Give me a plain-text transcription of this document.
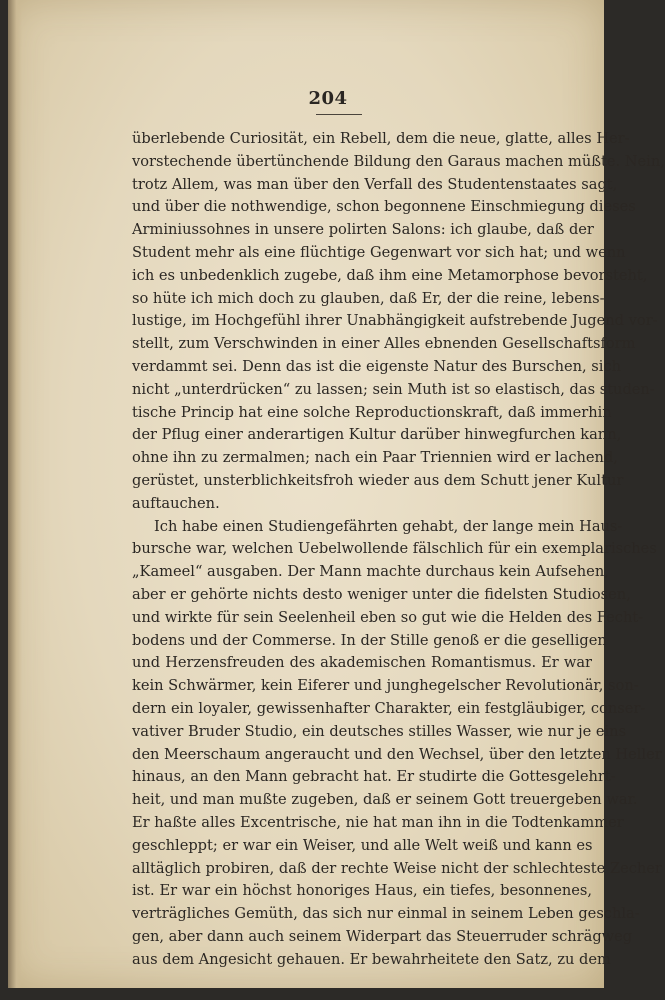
204
überlebende Curiosität, ein Rebell, dem die neue, glatte, alles Her-
vorstechende übertünchende Bildung den Garaus machen müßte. Nein,
trotz Allem, was man über den Verfall des Studentenstaates sagt,
und über die nothwendige, schon begonnene Einschmiegung dieses
Arminiussohnes in unsere polirten Salons: ich glaube, daß der
Student mehr als eine flüchtige Gegenwart vor sich hat; und wenn
ich es unbedenklich zugebe, daß ihm eine Metamorphose bevorsteht,
so hüte ich mich doch zu glauben, daß Er, der die reine, lebens-
lustige, im Hochgefühl ihrer Unabhängigkeit aufstrebende Jugend vor-
stellt, zum Verschwinden in einer Alles ebnenden Gesellschaftsform
verdammt sei. Denn das ist die eigenste Natur des Burschen, sich
nicht „unterdrücken“ zu lassen; sein Muth ist so elastisch, das studen-
tische Princip hat eine solche Reproductionskraft, daß immerhin
der Pflug einer anderartigen Kultur darüber hinwegfurchen kann,
ohne ihn zu zermalmen; nach ein Paar Triennien wird er lachend,
gerüstet, unsterblichkeitsfroh wieder aus dem Schutt jener Kultur
auftauchen.
Ich habe einen Studiengefährten gehabt, der lange mein Haus-
bursche war, welchen Uebelwollende fälschlich für ein exemplarisches
„Kameel“ ausgaben. Der Mann machte durchaus kein Aufsehen,
aber er gehörte nichts desto weniger unter die fidelsten Studiosen,
und wirkte für sein Seelenheil eben so gut wie die Helden des Fecht-
bodens und der Commerse. In der Stille genoß er die geselligen
und Herzensfreuden des akademischen Romantismus. Er war
kein Schwärmer, kein Eiferer und junghegelscher Revolutionär, son-
dern ein loyaler, gewissenhafter Charakter, ein festgläubiger, conser-
vativer Bruder Studio, ein deutsches stilles Wasser, wie nur je eins
den Meerschaum angeraucht und den Wechsel, über den letzten Heller
hinaus, an den Mann gebracht hat. Er studirte die Gottesgelehrt-
heit, und man mußte zugeben, daß er seinem Gott treuergeben war.
Er haßte alles Excentrische, nie hat man ihn in die Todtenkammer
geschleppt; er war ein Weiser, und alle Welt weiß und kann es
alltäglich probiren, daß der rechte Weise nicht der schlechteste Zecher
ist. Er war ein höchst honoriges Haus, ein tiefes, besonnenes,
verträgliches Gemüth, das sich nur einmal in seinem Leben geschla-
gen, aber dann auch seinem Widerpart das Steuerruder schrägweg
aus dem Angesicht gehauen. Er bewahrheitete den Satz, zu dem
